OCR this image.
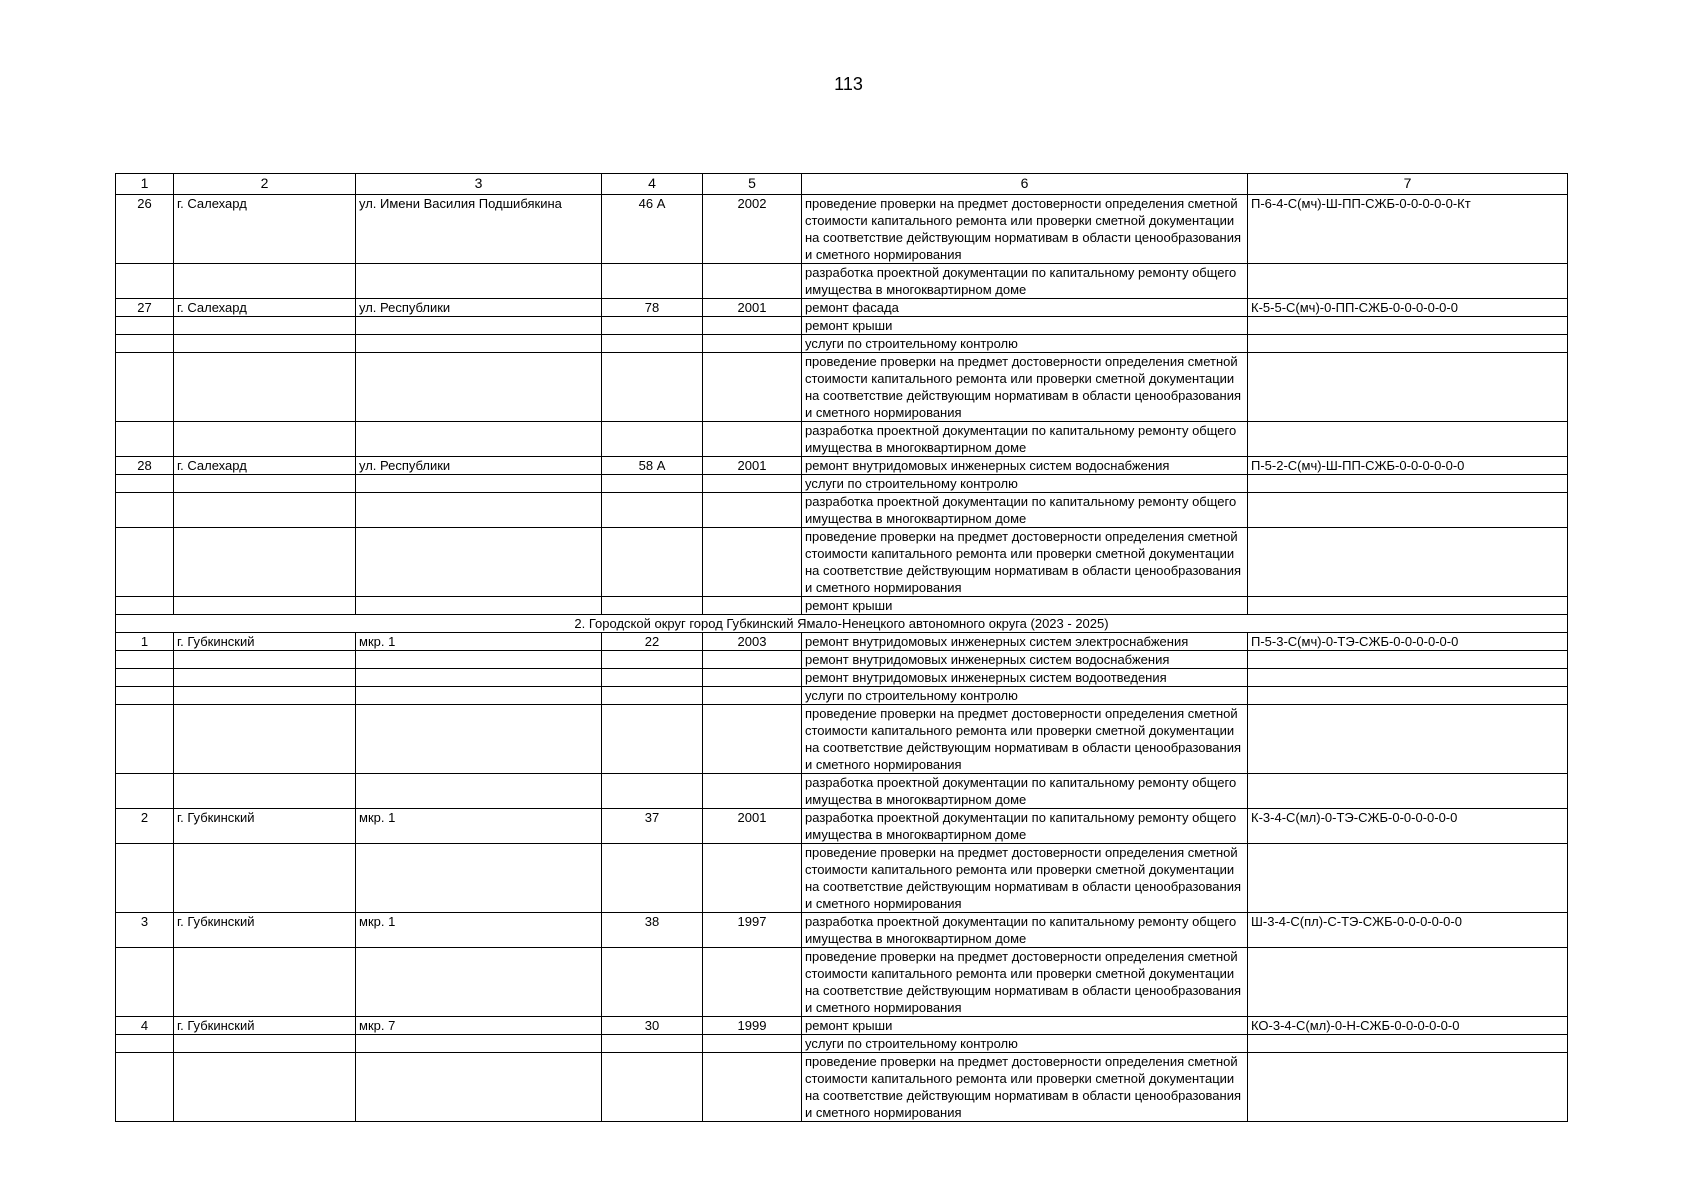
113
1	2	3	4	5	6	7
26	г. Салехард	ул. Имени Василия Подшибякина	46 А	2002	проведение проверки на предмет достоверности определения сметной стоимости капитального ремонта или проверки сметной документации на соответствие действующим нормативам в области ценообразования и сметного нормирования	П-6-4-С(мч)-Ш-ПП-СЖБ-0-0-0-0-0-Кт
					разработка проектной документации по капитальному ремонту общего имущества в многоквартирном доме	
27	г. Салехард	ул. Республики	78	2001	ремонт фасада	К-5-5-С(мч)-0-ПП-СЖБ-0-0-0-0-0-0
					ремонт крыши	
					услуги по строительному контролю	
					проведение проверки на предмет достоверности определения сметной стоимости капитального ремонта или проверки сметной документации на соответствие действующим нормативам в области ценообразования и сметного нормирования	
					разработка проектной документации по капитальному ремонту общего имущества в многоквартирном доме	
28	г. Салехард	ул. Республики	58 А	2001	ремонт внутридомовых инженерных систем водоснабжения	П-5-2-С(мч)-Ш-ПП-СЖБ-0-0-0-0-0-0
					услуги по строительному контролю	
					разработка проектной документации по капитальному ремонту общего имущества в многоквартирном доме	
					проведение проверки на предмет достоверности определения сметной стоимости капитального ремонта или проверки сметной документации на соответствие действующим нормативам в области ценообразования и сметного нормирования	
					ремонт крыши	
2. Городской округ город Губкинский Ямало-Ненецкого автономного округа (2023 - 2025)						
1	г. Губкинский	мкр. 1	22	2003	ремонт внутридомовых инженерных систем электроснабжения	П-5-3-С(мч)-0-ТЭ-СЖБ-0-0-0-0-0-0
					ремонт внутридомовых инженерных систем водоснабжения	
					ремонт внутридомовых инженерных систем водоотведения	
					услуги по строительному контролю	
					проведение проверки на предмет достоверности определения сметной стоимости капитального ремонта или проверки сметной документации на соответствие действующим нормативам в области ценообразования и сметного нормирования	
					разработка проектной документации по капитальному ремонту общего имущества в многоквартирном доме	
2	г. Губкинский	мкр. 1	37	2001	разработка проектной документации по капитальному ремонту общего имущества в многоквартирном доме	К-3-4-С(мл)-0-ТЭ-СЖБ-0-0-0-0-0-0
					проведение проверки на предмет достоверности определения сметной стоимости капитального ремонта или проверки сметной документации на соответствие действующим нормативам в области ценообразования и сметного нормирования	
3	г. Губкинский	мкр. 1	38	1997	разработка проектной документации по капитальному ремонту общего имущества в многоквартирном доме	Ш-3-4-С(пл)-С-ТЭ-СЖБ-0-0-0-0-0-0
					проведение проверки на предмет достоверности определения сметной стоимости капитального ремонта или проверки сметной документации на соответствие действующим нормативам в области ценообразования и сметного нормирования	
4	г. Губкинский	мкр. 7	30	1999	ремонт крыши	КО-3-4-С(мл)-0-Н-СЖБ-0-0-0-0-0-0
					услуги по строительному контролю	
					проведение проверки на предмет достоверности определения сметной стоимости капитального ремонта или проверки сметной документации на соответствие действующим нормативам в области ценообразования и сметного нормирования	
